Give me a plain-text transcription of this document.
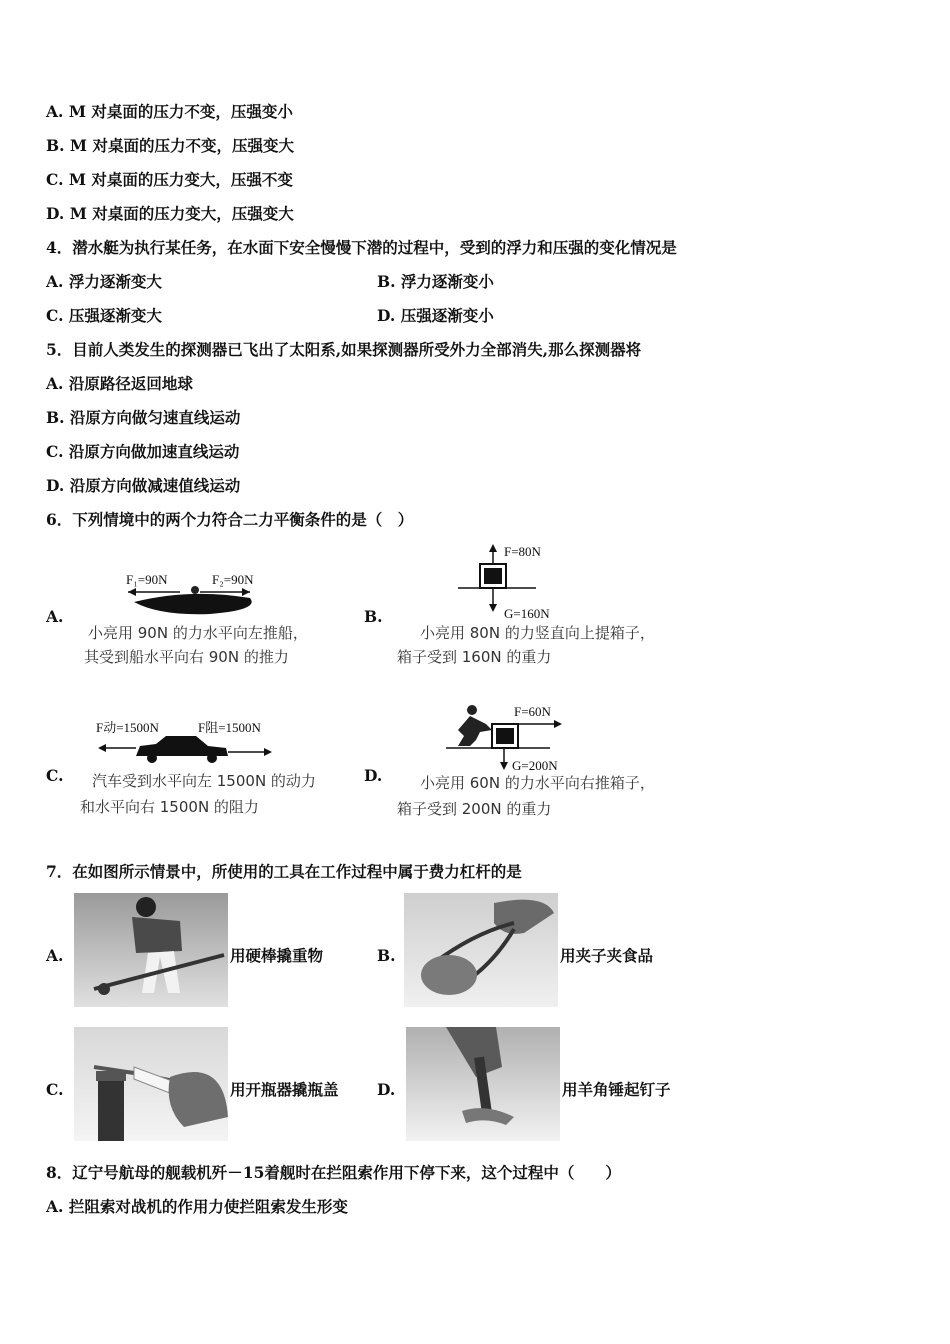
A. M 对桌面的压力不变，压强变小
B. M 对桌面的压力不变，压强变大
C. M 对桌面的压力变大，压强不变
D. M 对桌面的压力变大，压强变大
4．潜水艇为执行某任务，在水面下安全慢慢下潜的过程中，受到的浮力和压强的变化情况是
A. 浮力逐渐变大	B. 浮力逐渐变小
C. 压强逐渐变大	D. 压强逐渐变小
5．目前人类发生的探测器已飞出了太阳系,如果探测器所受外力全部消失,那么探测器将
A. 沿原路径返回地球
B. 沿原方向做匀速直线运动
C. 沿原方向做加速直线运动
D. 沿原方向做减速值线运动
6．下列情境中的两个力符合二力平衡条件的是（　）
A.
F₁=90N	F₂=90N
小亮用 90N 的力水平向左推船，
其受到船水平向右 90N 的推力
B.
F=80N
G=160N
小亮用 80N 的力竖直向上提箱子，
箱子受到 160N 的重力
C.
F动=1500N	F阻=1500N
汽车受到水平向左 1500N 的动力
和水平向右 1500N 的阻力
D.
F=60N
G=200N
小亮用 60N 的力水平向右推箱子，
箱子受到 200N 的重力
7．在如图所示情景中，所使用的工具在工作过程中属于费力杠杆的是
A.	用硬棒撬重物	B.	用夹子夹食品
C.	用开瓶器撬瓶盖 D.	用羊角锤起钉子
8．辽宁号航母的舰载机歼－15着舰时在拦阻索作用下停下来，这个过程中（　　）
A. 拦阻索对战机的作用力使拦阻索发生形变
